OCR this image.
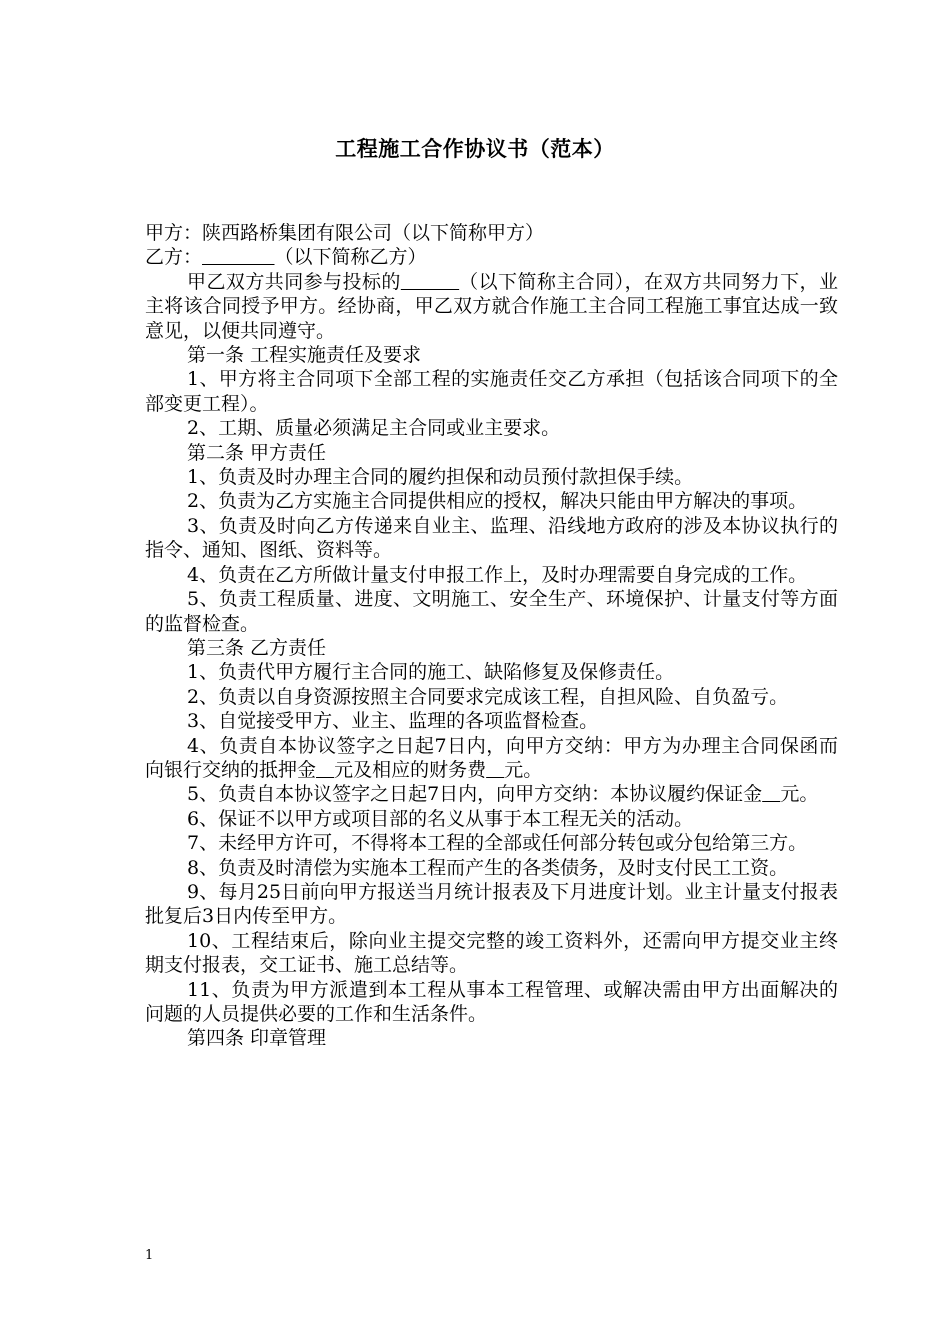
工程施工合作协议书（范本）

甲方：陕西路桥集团有限公司（以下简称甲方）

乙方：	（以下简称乙方）

甲乙双方共同参与投标的	（以下简称主合同），在双方共同努力下，业主将该合同授予甲方。经协商，甲乙双方就合作施工主合同工程施工事宜达成一致意见，以便共同遵守。

第一条 工程实施责任及要求

1、甲方将主合同项下全部工程的实施责任交乙方承担（包括该合同项下的全部变更工程）。

2、工期、质量必须满足主合同或业主要求。

第二条 甲方责任

1、负责及时办理主合同的履约担保和动员预付款担保手续。

2、负责为乙方实施主合同提供相应的授权，解决只能由甲方解决的事项。

3、负责及时向乙方传递来自业主、监理、沿线地方政府的涉及本协议执行的指令、通知、图纸、资料等。

4、负责在乙方所做计量支付申报工作上，及时办理需要自身完成的工作。

5、负责工程质量、进度、文明施工、安全生产、环境保护、计量支付等方面的监督检查。

第三条 乙方责任

1、负责代甲方履行主合同的施工、缺陷修复及保修责任。

2、负责以自身资源按照主合同要求完成该工程，自担风险、自负盈亏。

3、自觉接受甲方、业主、监理的各项监督检查。

4、负责自本协议签字之日起7日内，向甲方交纳：甲方为办理主合同保函而向银行交纳的抵押金 元及相应的财务费 元。

5、负责自本协议签字之日起7日内，向甲方交纳：本协议履约保证金 元。

6、保证不以甲方或项目部的名义从事于本工程无关的活动。

7、未经甲方许可，不得将本工程的全部或任何部分转包或分包给第三方。

8、负责及时清偿为实施本工程而产生的各类债务，及时支付民工工资。

9、每月25日前向甲方报送当月统计报表及下月进度计划。业主计量支付报表批复后3日内传至甲方。

10、工程结束后，除向业主提交完整的竣工资料外，还需向甲方提交业主终期支付报表，交工证书、施工总结等。

11、负责为甲方派遣到本工程从事本工程管理、或解决需由甲方出面解决的问题的人员提供必要的工作和生活条件。

第四条 印章管理

1
